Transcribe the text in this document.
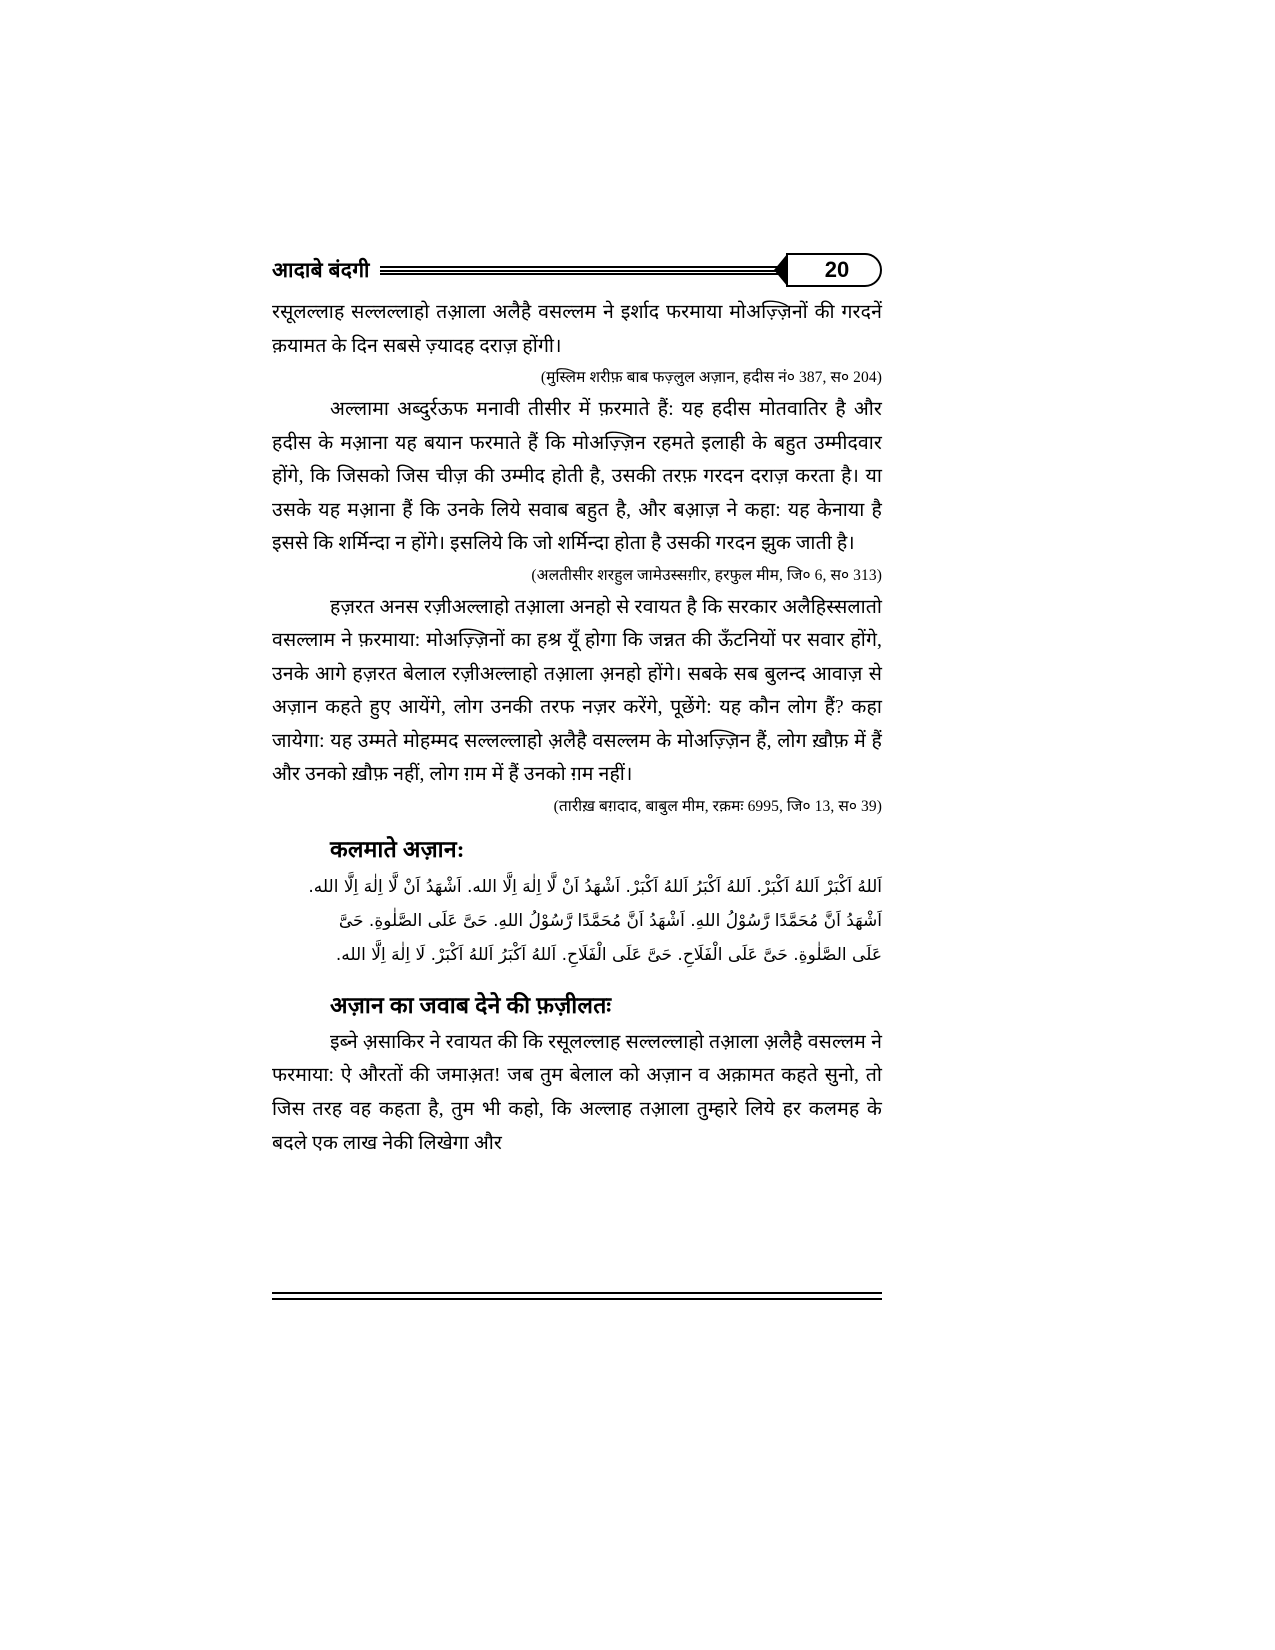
आदाबे बंदगी	20

रसूलल्लाह सल्लल्लाहो तआ़ला अलैहै वसल्लम ने इर्शाद फरमाया मोअज़्ज़िनों की गरदनें क़यामत के दिन सबसे ज़्यादह दराज़ होंगी।

(मुस्लिम शरीफ़ बाब फज़्लुल अज़ान, हदीस नं० 387, स० 204)

अल्लामा अब्दुर्रऊफ मनावी तीसीर में फ़रमाते हैं: यह हदीस मोतवातिर है और हदीस के मआ़ना यह बयान फरमाते हैं कि मोअज़्ज़िन रहमते इलाही के बहुत उम्मीदवार होंगे, कि जिसको जिस चीज़ की उम्मीद होती है, उसकी तरफ़ गरदन दराज़ करता है। या उसके यह मआ़ना हैं कि उनके लिये सवाब बहुत है, और बअ़ाज़ ने कहा: यह केनाया है इससे कि शर्मिन्दा न होंगे। इसलिये कि जो शर्मिन्दा होता है उसकी गरदन झुक जाती है।

(अलतीसीर शरहुल जामेउस्सग़ीर, हरफुल मीम, जि० 6, स० 313)

हज़रत अनस रज़ीअल्लाहो तआ़ला अनहो से रवायत है कि सरकार अलैहिस्सलातो वसल्लाम ने फ़रमाया: मोअज़्ज़िनों का हश्र यूँ होगा कि जन्नत की ऊँटनियों पर सवार होंगे, उनके आगे हज़रत बेलाल रज़ीअल्लाहो तआ़ला अ़नहो होंगे। सबके सब बुलन्द आवाज़ से अज़ान कहते हुए आयेंगे, लोग उनकी तरफ नज़र करेंगे, पूछेंगे: यह कौन लोग हैं? कहा जायेगा: यह उम्मते मोहम्मद सल्लल्लाहो अ़लैहै वसल्लम के मोअज़्ज़िन हैं, लोग ख़ौफ़ में हैं और उनको ख़ौफ़ नहीं, लोग ग़म में हैं उनको ग़म नहीं।

(तारीख़ बग़दाद, बाबुल मीम, रक़मः 6995, जि० 13, स० 39)
कलमाते अज़ान:
اَللهُ اَكْبَرْ اَللهُ اَكْبَرْ. اَللهُ اَكْبَرُ اَللهُ اَكْبَرْ. اَشْهَدُ اَنْ لَّا اِلٰهَ اِلَّا الله. اَشْهَدُ اَنْ لَّا اِلٰهَ اِلَّا الله.
اَشْهَدُ اَنَّ مُحَمَّدًا رَّسُوْلُ اللهِ. اَشْهَدُ اَنَّ مُحَمَّدًا رَّسُوْلُ اللهِ. حَىَّ عَلَى الصَّلٰوةِ. حَىَّ
عَلَى الصَّلٰوةِ. حَىَّ عَلَى الْفَلَاحِ. حَىَّ عَلَى الْفَلَاحِ. اَللهُ اَكْبَرُ اَللهُ اَكْبَرْ. لَا اِلٰهَ اِلَّا الله.
अज़ान का जवाब देने की फ़ज़ीलतः

इब्ने अ़साकिर ने रवायत की कि रसूलल्लाह सल्लल्लाहो तआ़ला अ़लैहै वसल्लम ने फरमाया: ऐ औरतों की जमाअ़त! जब तुम बेलाल को अज़ान व अक़ामत कहते सुनो, तो जिस तरह वह कहता है, तुम भी कहो, कि अल्लाह तआ़ला तुम्हारे लिये हर कलमह के बदले एक लाख नेकी लिखेगा और
